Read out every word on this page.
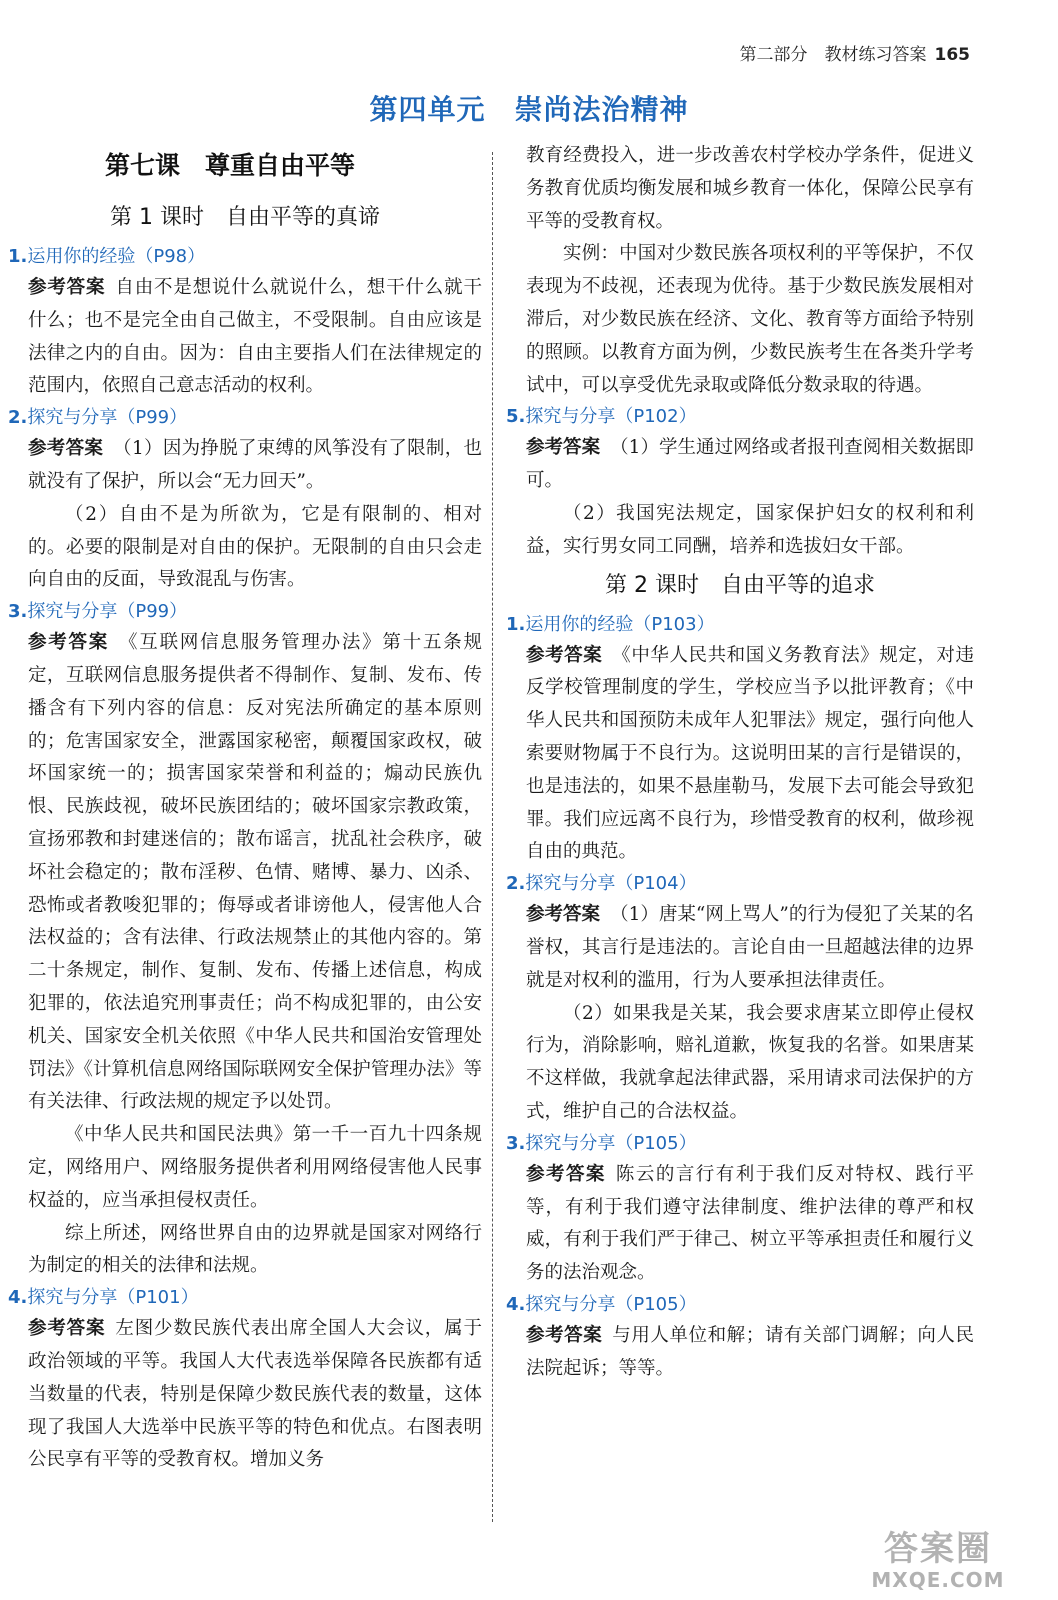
第二部分　教材练习答案 165
第四单元　崇尚法治精神
第七课　尊重自由平等
第 1 课时　自由平等的真谛
1.运用你的经验（P98）

参考答案 自由不是想说什么就说什么，想干什么就干什么；也不是完全由自己做主，不受限制。自由应该是法律之内的自由。因为：自由主要指人们在法律规定的范围内，依照自己意志活动的权利。

2.探究与分享（P99）

参考答案 （1）因为挣脱了束缚的风筝没有了限制，也就没有了保护，所以会“无力回天”。

（2）自由不是为所欲为，它是有限制的、相对的。必要的限制是对自由的保护。无限制的自由只会走向自由的反面，导致混乱与伤害。

3.探究与分享（P99）

参考答案 《互联网信息服务管理办法》第十五条规定，互联网信息服务提供者不得制作、复制、发布、传播含有下列内容的信息：反对宪法所确定的基本原则的；危害国家安全，泄露国家秘密，颠覆国家政权，破坏国家统一的；损害国家荣誉和利益的；煽动民族仇恨、民族歧视，破坏民族团结的；破坏国家宗教政策，宣扬邪教和封建迷信的；散布谣言，扰乱社会秩序，破坏社会稳定的；散布淫秽、色情、赌博、暴力、凶杀、恐怖或者教唆犯罪的；侮辱或者诽谤他人，侵害他人合法权益的；含有法律、行政法规禁止的其他内容的。第二十条规定，制作、复制、发布、传播上述信息，构成犯罪的，依法追究刑事责任；尚不构成犯罪的，由公安机关、国家安全机关依照《中华人民共和国治安管理处罚法》《计算机信息网络国际联网安全保护管理办法》等有关法律、行政法规的规定予以处罚。

《中华人民共和国民法典》第一千一百九十四条规定，网络用户、网络服务提供者利用网络侵害他人民事权益的，应当承担侵权责任。

综上所述，网络世界自由的边界就是国家对网络行为制定的相关的法律和法规。

4.探究与分享（P101）

参考答案 左图少数民族代表出席全国人大会议，属于政治领域的平等。我国人大代表选举保障各民族都有适当数量的代表，特别是保障少数民族代表的数量，这体现了我国人大选举中民族平等的特色和优点。右图表明公民享有平等的受教育权。增加义务

教育经费投入，进一步改善农村学校办学条件，促进义务教育优质均衡发展和城乡教育一体化，保障公民享有平等的受教育权。

实例：中国对少数民族各项权利的平等保护，不仅表现为不歧视，还表现为优待。基于少数民族发展相对滞后，对少数民族在经济、文化、教育等方面给予特别的照顾。以教育方面为例，少数民族考生在各类升学考试中，可以享受优先录取或降低分数录取的待遇。

5.探究与分享（P102）

参考答案 （1）学生通过网络或者报刊查阅相关数据即可。

（2）我国宪法规定，国家保护妇女的权利和利益，实行男女同工同酬，培养和选拔妇女干部。

第 2 课时　自由平等的追求
1.运用你的经验（P103）

参考答案 《中华人民共和国义务教育法》规定，对违反学校管理制度的学生，学校应当予以批评教育；《中华人民共和国预防未成年人犯罪法》规定，强行向他人索要财物属于不良行为。这说明田某的言行是错误的，也是违法的，如果不悬崖勒马，发展下去可能会导致犯罪。我们应远离不良行为，珍惜受教育的权利，做珍视自由的典范。

2.探究与分享（P104）

参考答案 （1）唐某“网上骂人”的行为侵犯了关某的名誉权，其言行是违法的。言论自由一旦超越法律的边界就是对权利的滥用，行为人要承担法律责任。

（2）如果我是关某，我会要求唐某立即停止侵权行为，消除影响，赔礼道歉，恢复我的名誉。如果唐某不这样做，我就拿起法律武器，采用请求司法保护的方式，维护自己的合法权益。

3.探究与分享（P105）

参考答案 陈云的言行有利于我们反对特权、践行平等，有利于我们遵守法律制度、维护法律的尊严和权威，有利于我们严于律己、树立平等承担责任和履行义务的法治观念。

4.探究与分享（P105）

参考答案 与用人单位和解；请有关部门调解；向人民法院起诉；等等。

答案圈
MXQE.COM
